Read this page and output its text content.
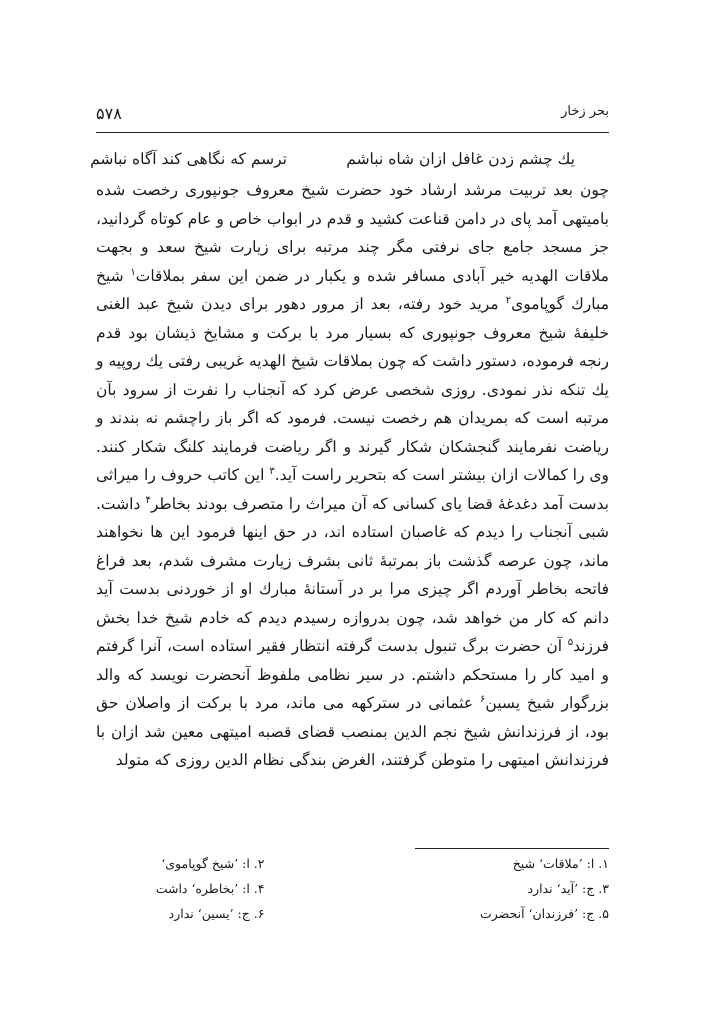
۵۷۸	بحر زخار
یك چشم زدن غافل ازان شاه نباشم
ترسم که نگاهی کند آگاه نباشم

چون بعد تربیت مرشد ارشاد خود حضرت شیخ معروف جونپوری رخصت شده بامیتهی آمد پای در دامن قناعت کشید و قدم در ابواب خاص و عام کوتاه گردانید، جز مسجد جامع جای نرفتی مگر چند مرتبه برای زیارت شیخ سعد و بجهت ملاقات الهدیه خیر آبادی مسافر شده و یکبار در ضمن این سفر بملاقات$^۱$ شیخ مبارك گوپاموی$^۲$ مرید خود رفته، بعد از مرور دهور برای دیدن شیخ عبد الغنی خلیفهٔ شیخ معروف جونپوری که بسیار مرد با برکت و مشایخ ذیشان بود قدم رنجه فرموده، دستور داشت که چون بملاقات شیخ الهدیه غریبی رفتی یك روپیه و یك تنکه نذر نمودی. روزی شخصی عرض کرد که آنجناب را نفرت از سرود بآن مرتبه است که بمریدان هم رخصت نیست. فرمود که اگر باز راچشم نه بندند و ریاضت نفرمایند گنجشکان شکار گیرند و اگر ریاضت فرمایند کلنگ شکار کنند. وی را کمالات ازان بیشتر است که بتحریر راست آید.$^۳$ این کاتب حروف را میراثی بدست آمد دغدغهٔ قضا یای کسانی که آن میراث را متصرف بودند بخاطر$^۴$ داشت. شبی آنجناب را دیدم که غاصبان استاده اند، در حق اینها فرمود این ها نخواهند ماند، چون عرصه گذشت باز بمرتبهٔ ثانی بشرف زیارت مشرف شدم، بعد فراغ فاتحه بخاطر آوردم اگر چیزی مرا بر در آستانهٔ مبارك او از خوردنی بدست آید دانم که کار من خواهد شد، چون بدروازه رسیدم دیدم که خادم شیخ خدا بخش فرزند$^۵$ آن حضرت برگ تنبول بدست گرفته انتظار فقیر استاده است، آنرا گرفتم و امید کار را مستحکم داشتم. در سیر نظامی ملفوظ آنحضرت نویسد که والد بزرگوار شیخ یسین$^۶$ عثمانی در سترکهه می ماند، مرد با برکت از واصلان حق بود، از فرزندانش شیخ نجم الدین بمنصب قضای قصبه امیتهی معین شد ازان با فرزندانش امیتهی را متوطن گرفتند، الغرض بندگی نظام الدین روزی که متولد

۱. ا: ’ملاقات‘ شیخ
۲. ا: ’شیخ گوپاموی‘
۳. ج: ’آید‘ ندارد
۴. ا: ’بخاطره‘ داشت
۵. ج: ’فرزندان‘ آنحضرت
۶. ج: ’یسین‘ ندارد
